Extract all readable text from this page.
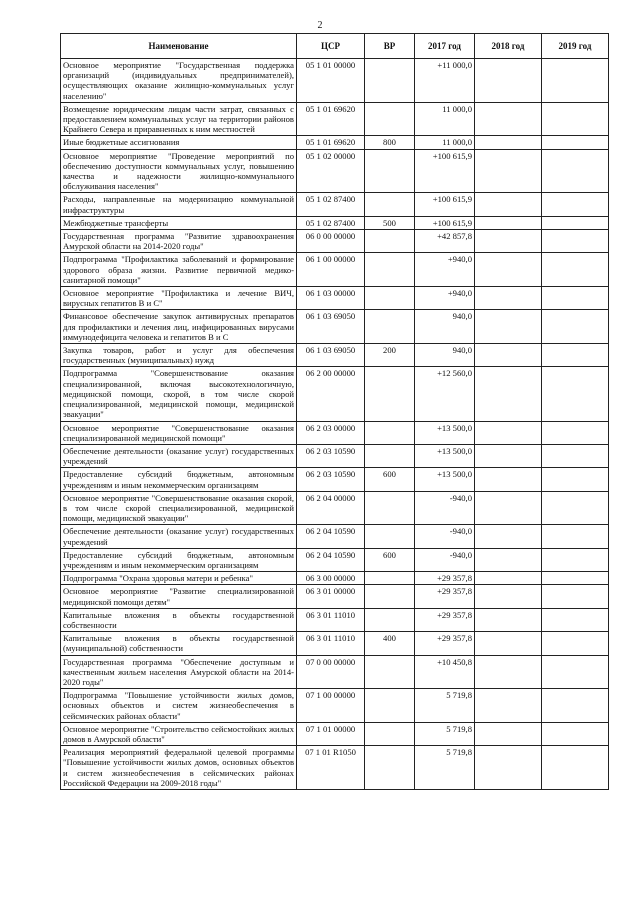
2
Наименование	ЦСР	ВР	2017 год	2018 год	2019 год
Основное мероприятие "Государственная поддержка организаций (индивидуальных предпринимателей), осуществляющих оказание жилищно-коммунальных услуг населению"	05 1 01 00000		+11 000,0		
Возмещение юридическим лицам части затрат, связанных с предоставлением коммунальных услуг на территории районов Крайнего Севера и приравненных к ним местностей	05 1 01 69620		11 000,0		
Иные бюджетные ассигнования	05 1 01 69620	800	11 000,0		
Основное мероприятие "Проведение мероприятий по обеспечению доступности коммунальных услуг, повышению качества и надежности жилищно-коммунального обслуживания населения"	05 1 02 00000		+100 615,9		
Расходы, направленные на модернизацию коммунальной инфраструктуры	05 1 02 87400		+100 615,9		
Межбюджетные трансферты	05 1 02 87400	500	+100 615,9		
Государственная программа "Развитие здравоохранения Амурской области на 2014-2020 годы"	06 0 00 00000		+42 857,8		
Подпрограмма "Профилактика заболеваний и формирование здорового образа жизни. Развитие первичной медико-санитарной помощи"	06 1 00 00000		+940,0		
Основное мероприятие "Профилактика и лечение ВИЧ, вирусных гепатитов В и С"	06 1 03 00000		+940,0		
Финансовое обеспечение закупок антивирусных препаратов для профилактики и лечения лиц, инфицированных вирусами иммунодефицита человека и гепатитов В и С	06 1 03 69050		940,0		
Закупка товаров, работ и услуг для обеспечения государственных (муниципальных) нужд	06 1 03 69050	200	940,0		
Подпрограмма "Совершенствование оказания специализированной, включая высокотехнологичную, медицинской помощи, скорой, в том числе скорой специализированной, медицинской помощи, медицинской эвакуации"	06 2 00 00000		+12 560,0		
Основное мероприятие "Совершенствование оказания специализированной медицинской помощи"	06 2 03 00000		+13 500,0		
Обеспечение деятельности (оказание услуг) государственных учреждений	06 2 03 10590		+13 500,0		
Предоставление субсидий бюджетным, автономным учреждениям и иным некоммерческим организациям	06 2 03 10590	600	+13 500,0		
Основное мероприятие "Совершенствование оказания скорой, в том числе скорой специализированной, медицинской помощи, медицинской эвакуации"	06 2 04 00000		-940,0		
Обеспечение деятельности (оказание услуг) государственных учреждений	06 2 04 10590		-940,0		
Предоставление субсидий бюджетным, автономным учреждениям и иным некоммерческим организациям	06 2 04 10590	600	-940,0		
Подпрограмма "Охрана здоровья матери и ребенка"	06 3 00 00000		+29 357,8		
Основное мероприятие "Развитие специализированной медицинской помощи детям"	06 3 01 00000		+29 357,8		
Капитальные вложения в объекты государственной собственности	06 3 01 11010		+29 357,8		
Капитальные вложения в объекты государственной (муниципальной) собственности	06 3 01 11010	400	+29 357,8		
Государственная программа "Обеспечение доступным и качественным жильем населения Амурской области на 2014-2020 годы"	07 0 00 00000		+10 450,8		
Подпрограмма "Повышение устойчивости жилых домов, основных объектов и систем жизнеобеспечения в сейсмических районах области"	07 1 00 00000		5 719,8		
Основное мероприятие "Строительство сейсмостойких жилых домов в Амурской области"	07 1 01 00000		5 719,8		
Реализация мероприятий федеральной целевой программы "Повышение устойчивости жилых домов, основных объектов и систем жизнеобеспечения в сейсмических районах Российской Федерации на 2009-2018 годы"	07 1 01 R1050		5 719,8		
